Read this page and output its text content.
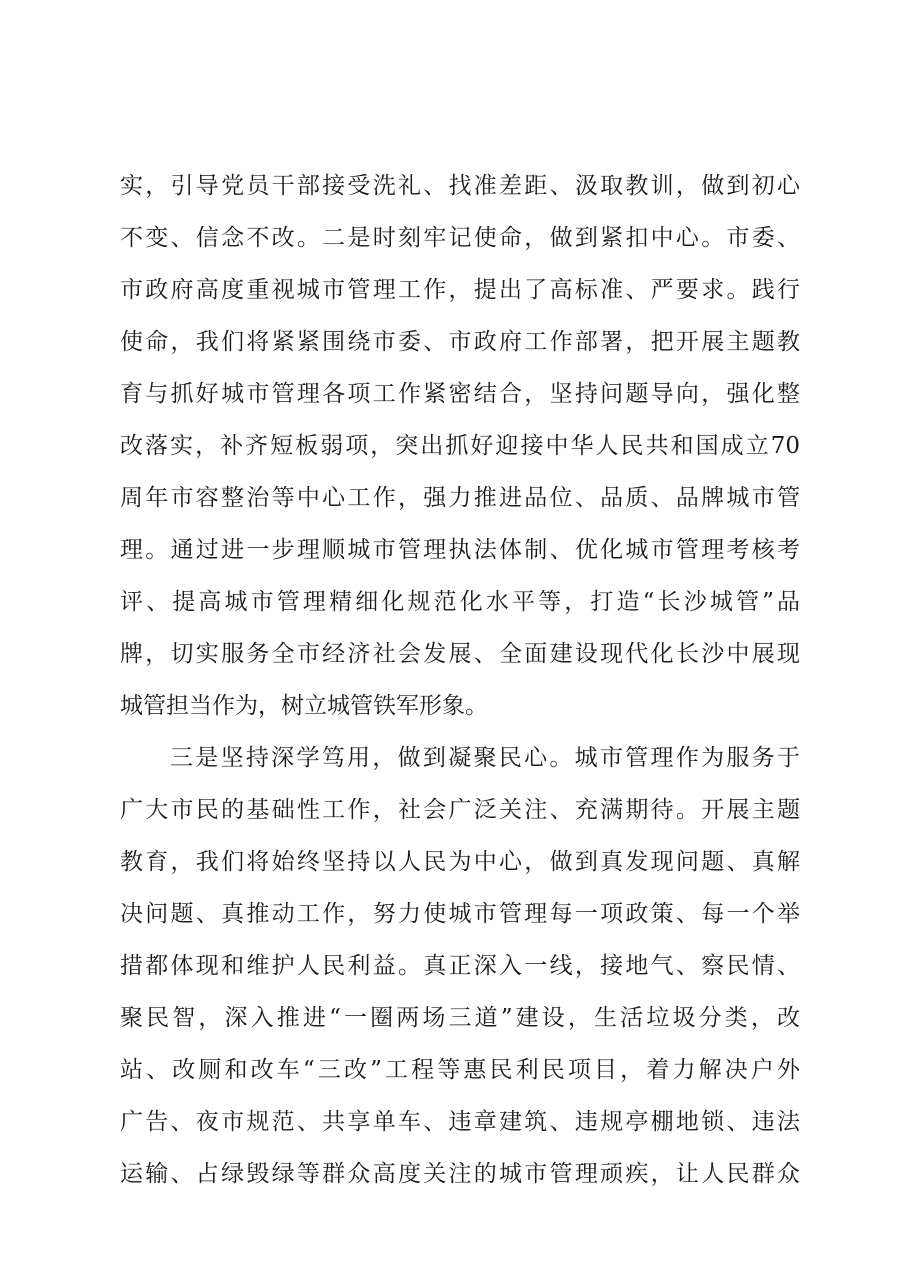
实，引导党员干部接受洗礼、找准差距、汲取教训，做到初心
不变、信念不改。二是时刻牢记使命，做到紧扣中心。市委、
市政府高度重视城市管理工作，提出了高标准、严要求。践行
使命，我们将紧紧围绕市委、市政府工作部署，把开展主题教
育与抓好城市管理各项工作紧密结合，坚持问题导向，强化整
改落实，补齐短板弱项，突出抓好迎接中华人民共和国成立70
周年市容整治等中心工作，强力推进品位、品质、品牌城市管
理。通过进一步理顺城市管理执法体制、优化城市管理考核考
评、提高城市管理精细化规范化水平等，打造“长沙城管”品
牌，切实服务全市经济社会发展、全面建设现代化长沙中展现
城管担当作为，树立城管铁军形象。
三是坚持深学笃用，做到凝聚民心。城市管理作为服务于
广大市民的基础性工作，社会广泛关注、充满期待。开展主题
教育，我们将始终坚持以人民为中心，做到真发现问题、真解
决问题、真推动工作，努力使城市管理每一项政策、每一个举
措都体现和维护人民利益。真正深入一线，接地气、察民情、
聚民智，深入推进“一圈两场三道”建设，生活垃圾分类，改
站、改厕和改车“三改”工程等惠民利民项目，着力解决户外
广告、夜市规范、共享单车、违章建筑、违规亭棚地锁、违法
运输、占绿毁绿等群众高度关注的城市管理顽疾，让人民群众
